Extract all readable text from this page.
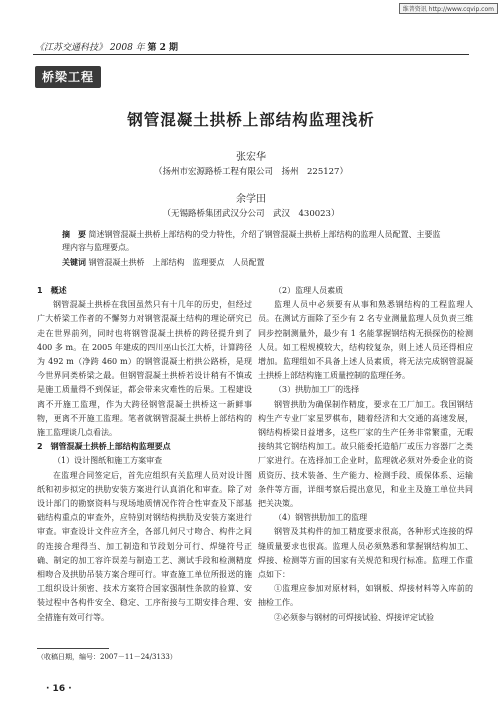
维普资讯 http://www.cqvip.com
《江苏交通科技》 2008 年 第 2 期
桥梁工程
钢管混凝土拱桥上部结构监理浅析
张宏华
（扬州市宏源路桥工程有限公司　扬州　225127）
余学田
（无锡路桥集团武汉分公司　武汉　430023）
摘　要 简述钢管混凝土拱桥上部结构的受力特性，介绍了钢管混凝土拱桥上部结构的监理人员配置、主要监理内容与监理要点。
关键词 钢管混凝土拱桥　上部结构　监理要点　人员配置

1　概述

钢管混凝土拱桥在我国虽然只有十几年的历史，但经过广大桥梁工作者的不懈努力对钢管混凝土结构的理论研究已走在世界前列，同时也将钢管混凝土拱桥的跨径提升到了 400 多 m。在 2005 年建成的四川巫山长江大桥，计算跨径为 492 m（净跨 460 m）的钢管混凝土桁拱公路桥，是现今世界同类桥梁之最。但钢管混凝土拱桥若设计稍有不慎或是施工质量得不到保证，都会带来灾难性的后果。工程建设离不开施工监理，作为大跨径钢管混凝土拱桥这一新鲜事物，更离不开施工监理。笔者就钢管混凝土拱桥上部结构的施工监理谈几点看法。

2　钢管混凝土拱桥上部结构监理要点

（1）设计图纸和施工方案审查

在监理合同签定后，首先应组织有关监理人员对设计图纸和初步拟定的拱肋安装方案进行认真消化和审查。除了对设计部门的勘察资料与现场地质情况作符合性审查及下部基础结构重点的审查外，应特别对钢结构拱肋及安装方案进行审查。审查设计文件应齐全，各部几何尺寸吻合、构件之间的连接合理得当、加工制造和节段划分可行、焊缝符号正确、制定的加工容许误差与制造工艺、测试手段和检测精度相吻合及拱肋吊装方案合理可行。审查施工单位所报送的施工组织设计须密、技术方案符合国家强制性条款的验算、安装过程中各构件安全、稳定、工序衔接与工期安排合理、安全措施有效可行等。

（2）监理人员素质

监理人员中必须要有从事和熟悉钢结构的工程监理人员。在测试方面除了至少有 2 名专业测量监理人员负责三维同步控制测量外，最少有 1 名能掌握钢结构无损探伤的检测人员。如工程规模较大，结构较复杂，则上述人员还得相应增加。监理组如不具备上述人员素质，将无法完成钢管混凝土拱桥上部结构施工质量控制的监理任务。

（3）拱肋加工厂的选择

钢管拱肋为确保制作精度，要求在工厂加工。我国钢结构生产专业厂家星罗棋布，随着经济和大交通的高速发展，钢结构桥梁日益增多，这些厂家的生产任务非常繁重，无暇接纳其它钢结构加工。故只能委托造船厂或压力容器厂之类厂家进行。在选择加工企业时，监理就必须对外委企业的资质资历、技术装备、生产能力、检测手段、质保体系、运输条件等方面，详细考察后提出意见，和业主及施工单位共同把关决策。

（4）钢管拱肋加工的监理

钢管及其构件的加工精度要求很高，各种形式连接的焊缝质量要求也很高。监理人员必须熟悉和掌握钢结构加工、焊接、检测等方面的国家有关规范和现行标准。监理工作重点如下：

①监理应参加对原材料，如钢板、焊接材料等入库前的抽检工作。

②必须参与钢材的可焊接试验、焊接评定试验

（收稿日期，编号：2007－11－24/3133）
· 16 ·
